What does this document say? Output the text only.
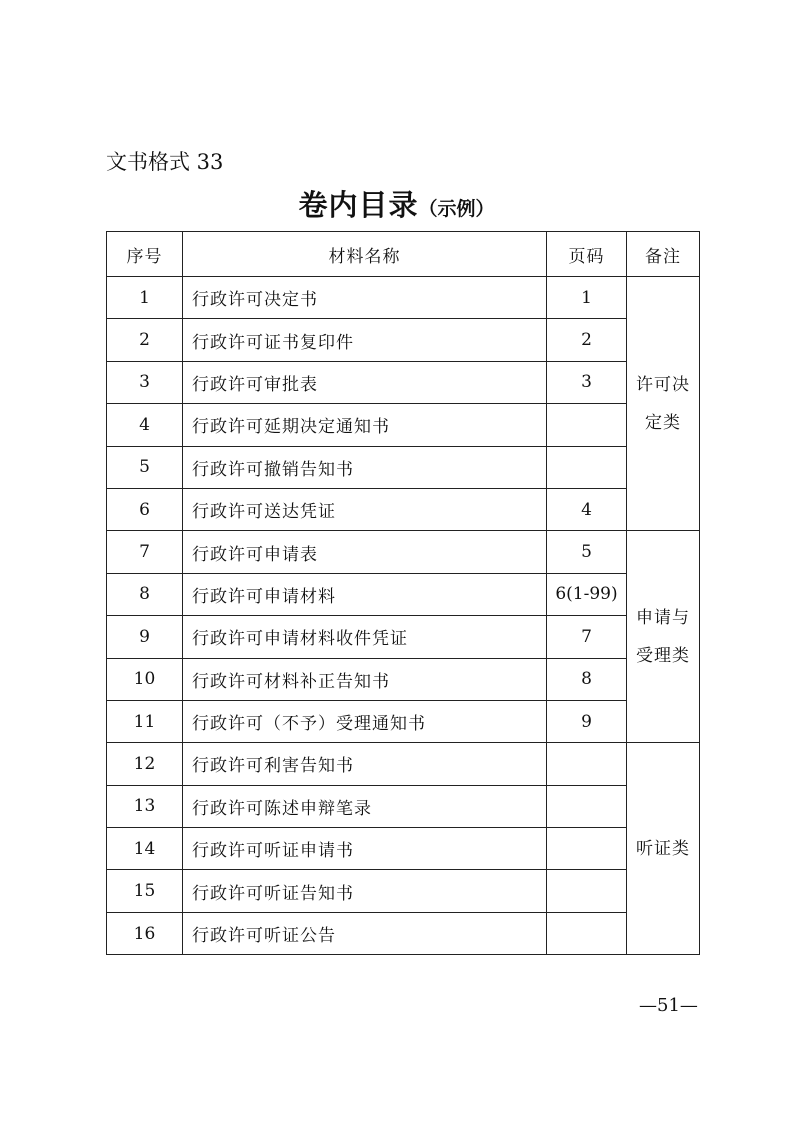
文书格式 33
卷内目录（示例）
序号	材料名称	页码	备注
1	行政许可决定书	1	许可决定类
2	行政许可证书复印件	2	
3	行政许可审批表	3	
4	行政许可延期决定通知书		
5	行政许可撤销告知书		
6	行政许可送达凭证	4	
7	行政许可申请表	5	申请与受理类
8	行政许可申请材料	6(1-99)	
9	行政许可申请材料收件凭证	7	
10	行政许可材料补正告知书	8	
11	行政许可（不予）受理通知书	9	
12	行政许可利害告知书		听证类
13	行政许可陈述申辩笔录		
14	行政许可听证申请书		
15	行政许可听证告知书		
16	行政许可听证公告		
—51—
